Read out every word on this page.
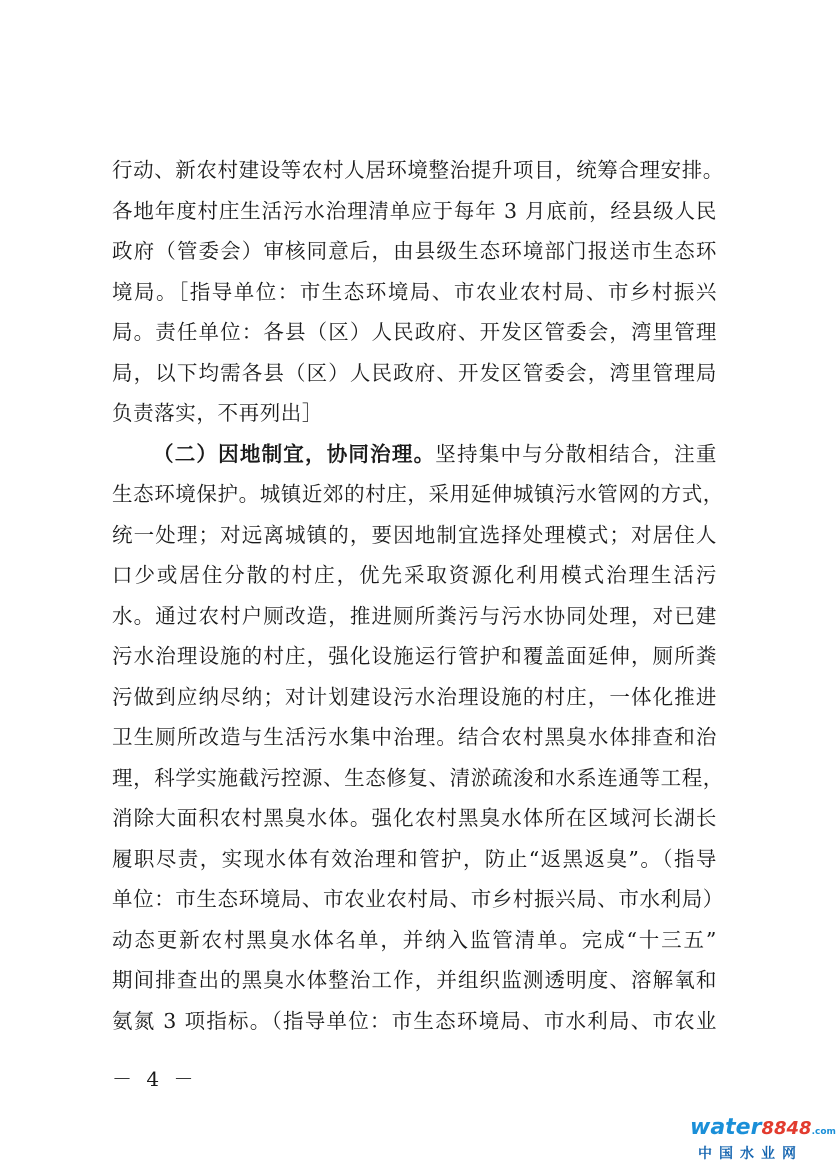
行动、新农村建设等农村人居环境整治提升项目，统筹合理安排。
各地年度村庄生活污水治理清单应于每年 3 月底前，经县级人民
政府（管委会）审核同意后，由县级生态环境部门报送市生态环
境局。［指导单位：市生态环境局、市农业农村局、市乡村振兴
局。责任单位：各县（区）人民政府、开发区管委会，湾里管理
局，以下均需各县（区）人民政府、开发区管委会，湾里管理局
负责落实，不再列出］
（二）因地制宜，协同治理。坚持集中与分散相结合，注重
生态环境保护。城镇近郊的村庄，采用延伸城镇污水管网的方式，
统一处理；对远离城镇的，要因地制宜选择处理模式；对居住人
口少或居住分散的村庄，优先采取资源化利用模式治理生活污
水。通过农村户厕改造，推进厕所粪污与污水协同处理，对已建
污水治理设施的村庄，强化设施运行管护和覆盖面延伸，厕所粪
污做到应纳尽纳；对计划建设污水治理设施的村庄，一体化推进
卫生厕所改造与生活污水集中治理。结合农村黑臭水体排查和治
理，科学实施截污控源、生态修复、清淤疏浚和水系连通等工程，
消除大面积农村黑臭水体。强化农村黑臭水体所在区域河长湖长
履职尽责，实现水体有效治理和管护，防止“返黑返臭”。（指导
单位：市生态环境局、市农业农村局、市乡村振兴局、市水利局）
动态更新农村黑臭水体名单，并纳入监管清单。完成“十三五”
期间排查出的黑臭水体整治工作，并组织监测透明度、溶解氧和
氨氮 3 项指标。（指导单位：市生态环境局、市水利局、市农业
－ 4 －
water8848.com
中国水业网
